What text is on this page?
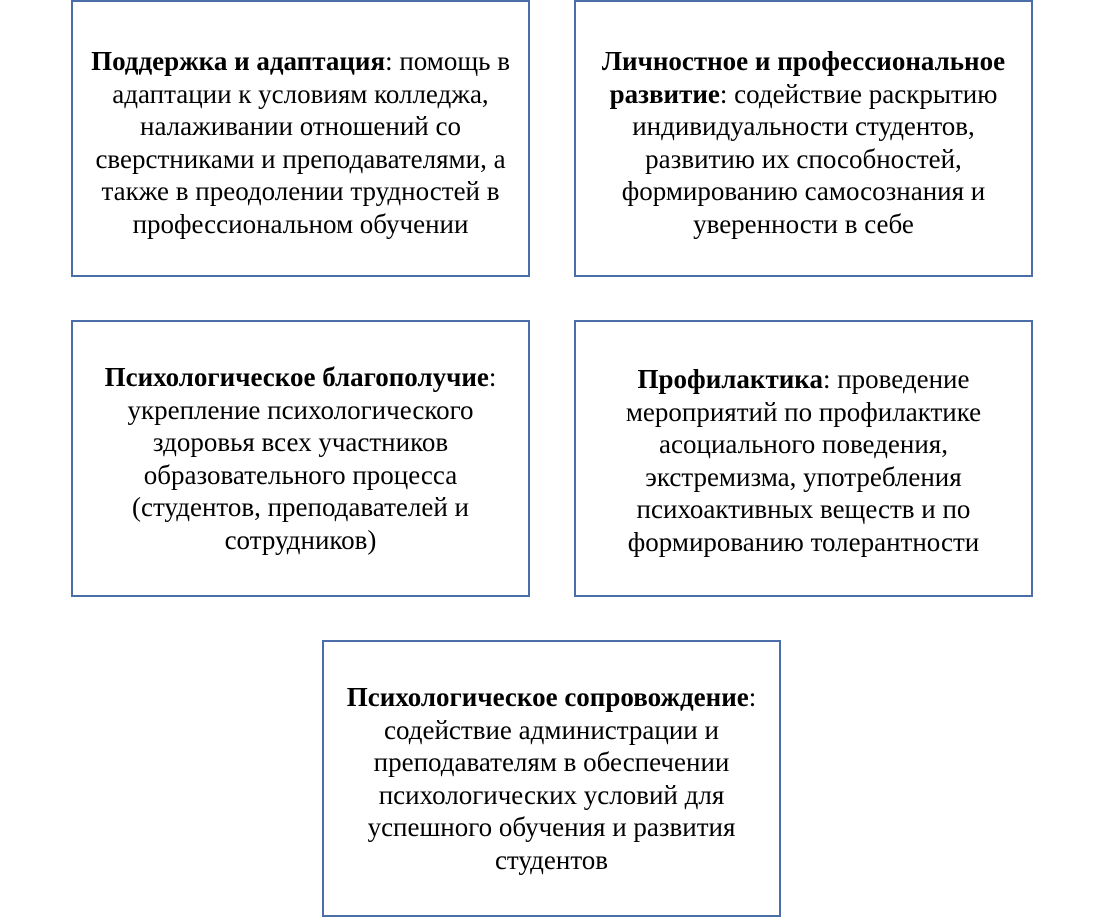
Поддержка и адаптация: помощь в адаптации к условиям колледжа, налаживании отношений со сверстниками и преподавателями, а также в преодолении трудностей в профессиональном обучении

Личностное и профессиональное развитие: содействие раскрытию индивидуальности студентов, развитию их способностей, формированию самосознания и уверенности в себе

Психологическое благополучие: укрепление психологического здоровья всех участников образовательного процесса (студентов, преподавателей и сотрудников)

Профилактика: проведение мероприятий по профилактике асоциального поведения, экстремизма, употребления психоактивных веществ и по формированию толерантности

Психологическое сопровождение: содействие администрации и преподавателям в обеспечении психологических условий для успешного обучения и развития студентов
